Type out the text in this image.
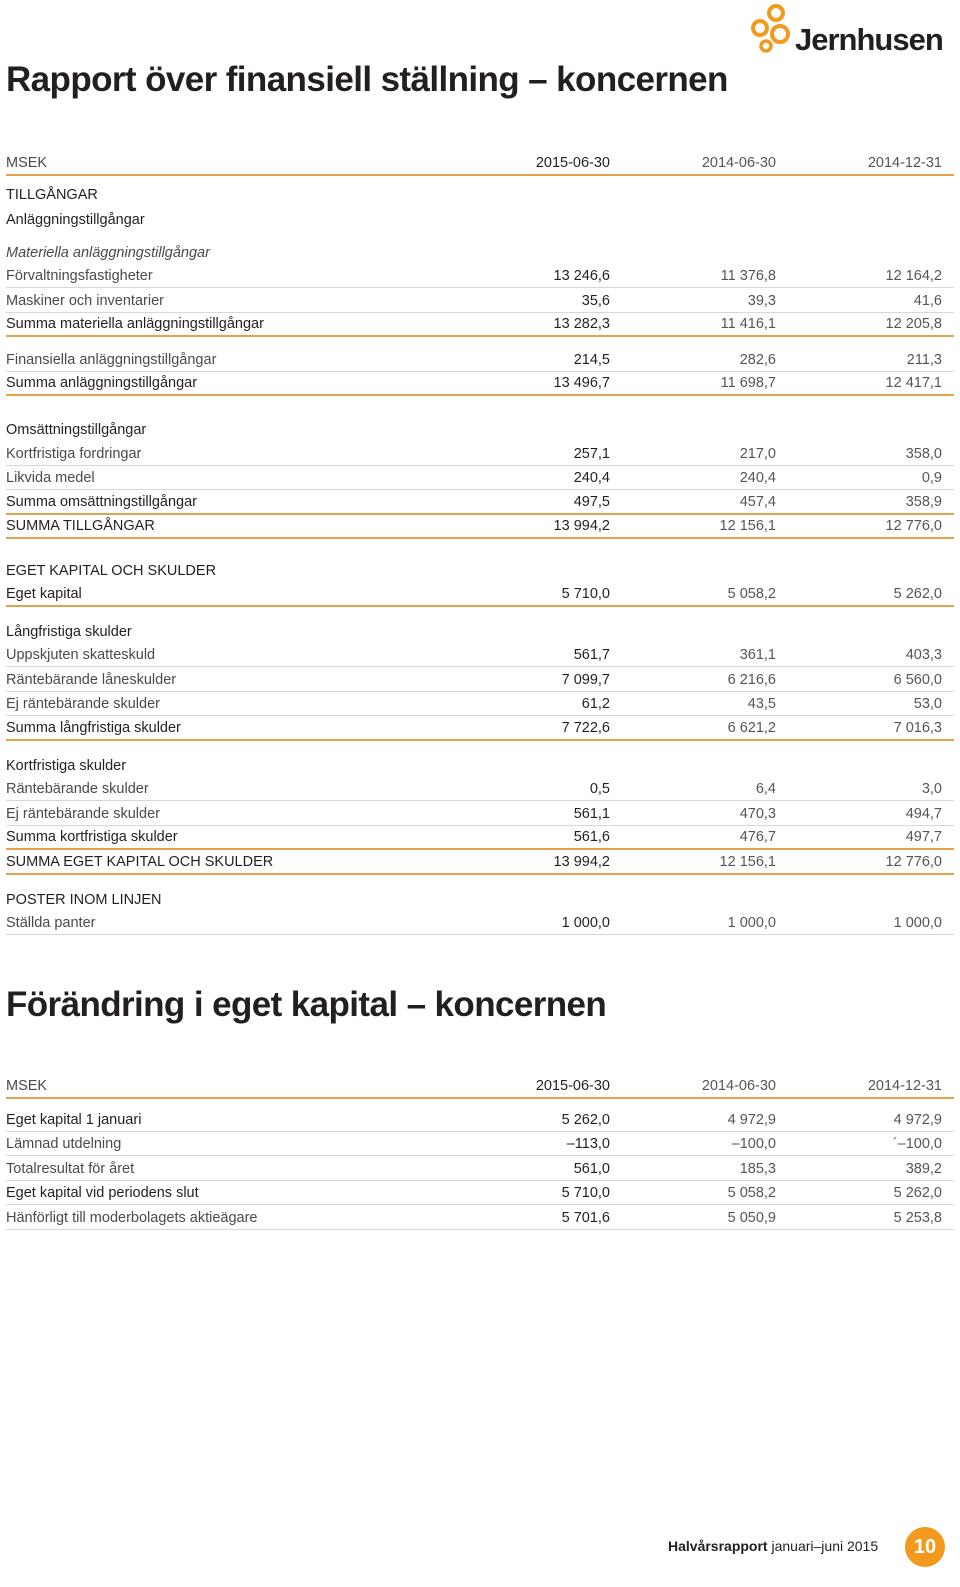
Jernhusen
Rapport över finansiell ställning – koncernen
MSEK	2015-06-30	2014-06-30	2014-12-31
TILLGÅNGAR
Anläggningstillgångar
Materiella anläggningstillgångar
Förvaltningsfastigheter	13 246,6	11 376,8	12 164,2
Maskiner och inventarier	35,6	39,3	41,6
Summa materiella anläggningstillgångar	13 282,3	11 416,1	12 205,8
Finansiella anläggningstillgångar	214,5	282,6	211,3
Summa anläggningstillgångar	13 496,7	11 698,7	12 417,1
Omsättningstillgångar
Kortfristiga fordringar	257,1	217,0	358,0
Likvida medel	240,4	240,4	0,9
Summa omsättningstillgångar	497,5	457,4	358,9
SUMMA TILLGÅNGAR	13 994,2	12 156,1	12 776,0
EGET KAPITAL OCH SKULDER
Eget kapital	5 710,0	5 058,2	5 262,0
Långfristiga skulder
Uppskjuten skatteskuld	561,7	361,1	403,3
Räntebärande låneskulder	7 099,7	6 216,6	6 560,0
Ej räntebärande skulder	61,2	43,5	53,0
Summa långfristiga skulder	7 722,6	6 621,2	7 016,3
Kortfristiga skulder
Räntebärande skulder	0,5	6,4	3,0
Ej räntebärande skulder	561,1	470,3	494,7
Summa kortfristiga skulder	561,6	476,7	497,7
SUMMA EGET KAPITAL OCH SKULDER	13 994,2	12 156,1	12 776,0
POSTER INOM LINJEN
Ställda panter	1 000,0	1 000,0	1 000,0
Förändring i eget kapital – koncernen
MSEK	2015-06-30	2014-06-30	2014-12-31
Eget kapital 1 januari	5 262,0	4 972,9	4 972,9
Lämnad utdelning	–113,0	–100,0	´–100,0
Totalresultat för året	561,0	185,3	389,2
Eget kapital vid periodens slut	5 710,0	5 058,2	5 262,0
Hänförligt till moderbolagets aktieägare	5 701,6	5 050,9	5 253,8
Halvårsrapport januari–juni 2015	10
